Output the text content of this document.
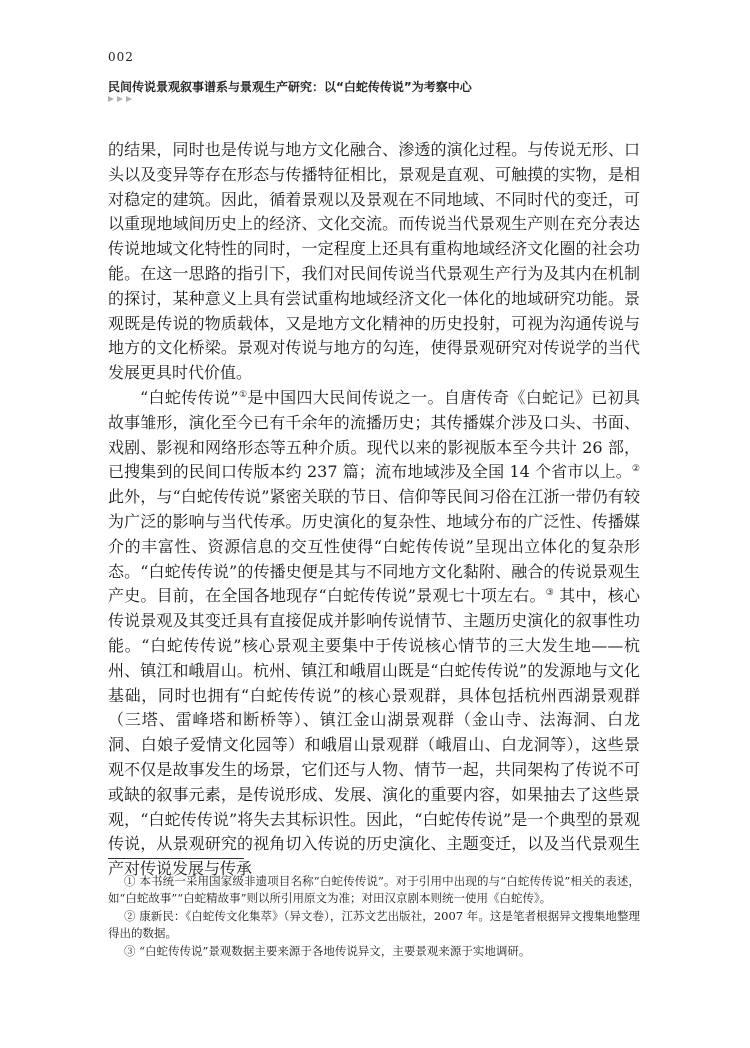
002
民间传说景观叙事谱系与景观生产研究：以“白蛇传传说”为考察中心

的结果，同时也是传说与地方文化融合、渗透的演化过程。与传说无形、口头以及变异等存在形态与传播特征相比，景观是直观、可触摸的实物，是相对稳定的建筑。因此，循着景观以及景观在不同地域、不同时代的变迁，可以重现地域间历史上的经济、文化交流。而传说当代景观生产则在充分表达传说地域文化特性的同时，一定程度上还具有重构地域经济文化圈的社会功能。在这一思路的指引下，我们对民间传说当代景观生产行为及其内在机制的探讨，某种意义上具有尝试重构地域经济文化一体化的地域研究功能。景观既是传说的物质载体，又是地方文化精神的历史投射，可视为沟通传说与地方的文化桥梁。景观对传说与地方的勾连，使得景观研究对传说学的当代发展更具时代价值。

“白蛇传传说”①是中国四大民间传说之一。自唐传奇《白蛇记》已初具故事雏形，演化至今已有千余年的流播历史；其传播媒介涉及口头、书面、戏剧、影视和网络形态等五种介质。现代以来的影视版本至今共计 26 部，已搜集到的民间口传版本约 237 篇；流布地域涉及全国 14 个省市以上。② 此外，与“白蛇传传说”紧密关联的节日、信仰等民间习俗在江浙一带仍有较为广泛的影响与当代传承。历史演化的复杂性、地域分布的广泛性、传播媒介的丰富性、资源信息的交互性使得“白蛇传传说”呈现出立体化的复杂形态。“白蛇传传说”的传播史便是其与不同地方文化黏附、融合的传说景观生产史。目前，在全国各地现存“白蛇传传说”景观七十项左右。③ 其中，核心传说景观及其变迁具有直接促成并影响传说情节、主题历史演化的叙事性功能。“白蛇传传说”核心景观主要集中于传说核心情节的三大发生地——杭州、镇江和峨眉山。杭州、镇江和峨眉山既是“白蛇传传说”的发源地与文化基础，同时也拥有“白蛇传传说”的核心景观群，具体包括杭州西湖景观群（三塔、雷峰塔和断桥等）、镇江金山湖景观群（金山寺、法海洞、白龙洞、白娘子爱情文化园等）和峨眉山景观群（峨眉山、白龙洞等），这些景观不仅是故事发生的场景，它们还与人物、情节一起，共同架构了传说不可或缺的叙事元素，是传说形成、发展、演化的重要内容，如果抽去了这些景观，“白蛇传传说”将失去其标识性。因此，“白蛇传传说”是一个典型的景观传说，从景观研究的视角切入传说的历史演化、主题变迁，以及当代景观生产对传说发展与传承

① 本书统一采用国家级非遗项目名称“白蛇传传说”。对于引用中出现的与“白蛇传传说”相关的表述，如“白蛇故事”“白蛇精故事”则以所引用原文为准；对田汉京剧本则统一使用《白蛇传》。

② 康新民：《白蛇传文化集萃》（异文卷），江苏文艺出版社，2007 年。这是笔者根据异文搜集地整理得出的数据。

③ “白蛇传传说”景观数据主要来源于各地传说异文，主要景观来源于实地调研。
